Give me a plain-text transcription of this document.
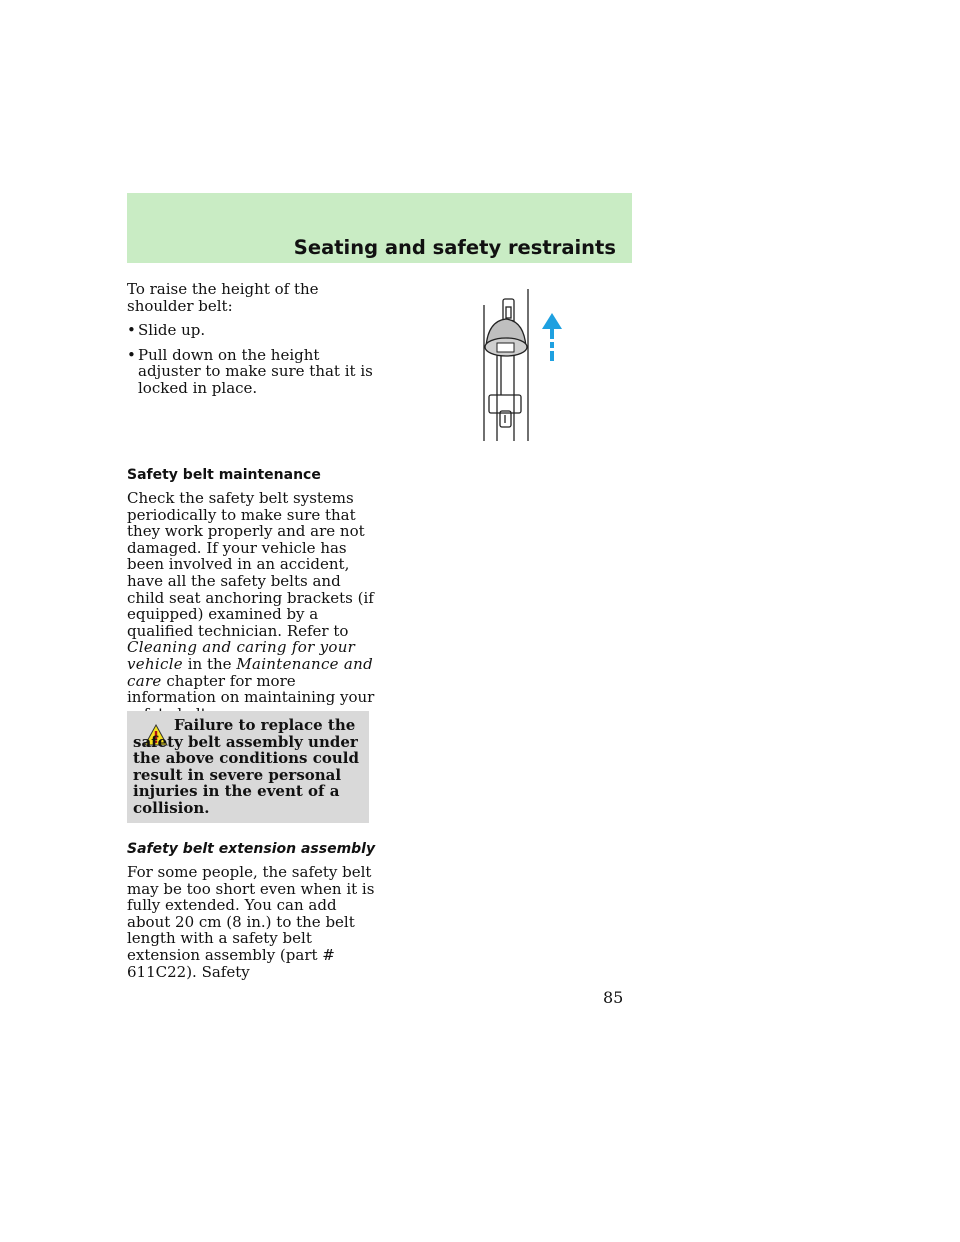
Seating and safety restraints

To raise the height of the shoulder belt:

• Slide up.
• Pull down on the height adjuster to make sure that it is locked in place.
Safety belt maintenance

Check the safety belt systems periodically to make sure that they work properly and are not damaged. If your vehicle has been involved in an accident, have all the safety belts and child seat anchoring brackets (if equipped) examined by a qualified technician. Refer to Cleaning and caring for your vehicle in the Maintenance and care chapter for more information on maintaining your

Failure to replace the safety belt assembly under the above conditions could result in severe personal injuries in the event of a collision.
Safety belt extension assembly

For some people, the safety belt may be too short even when it is fully extended. You can add about 20 cm (8 in.) to the belt length with a safety belt extension assembly (part # 611C22). Safety

85
